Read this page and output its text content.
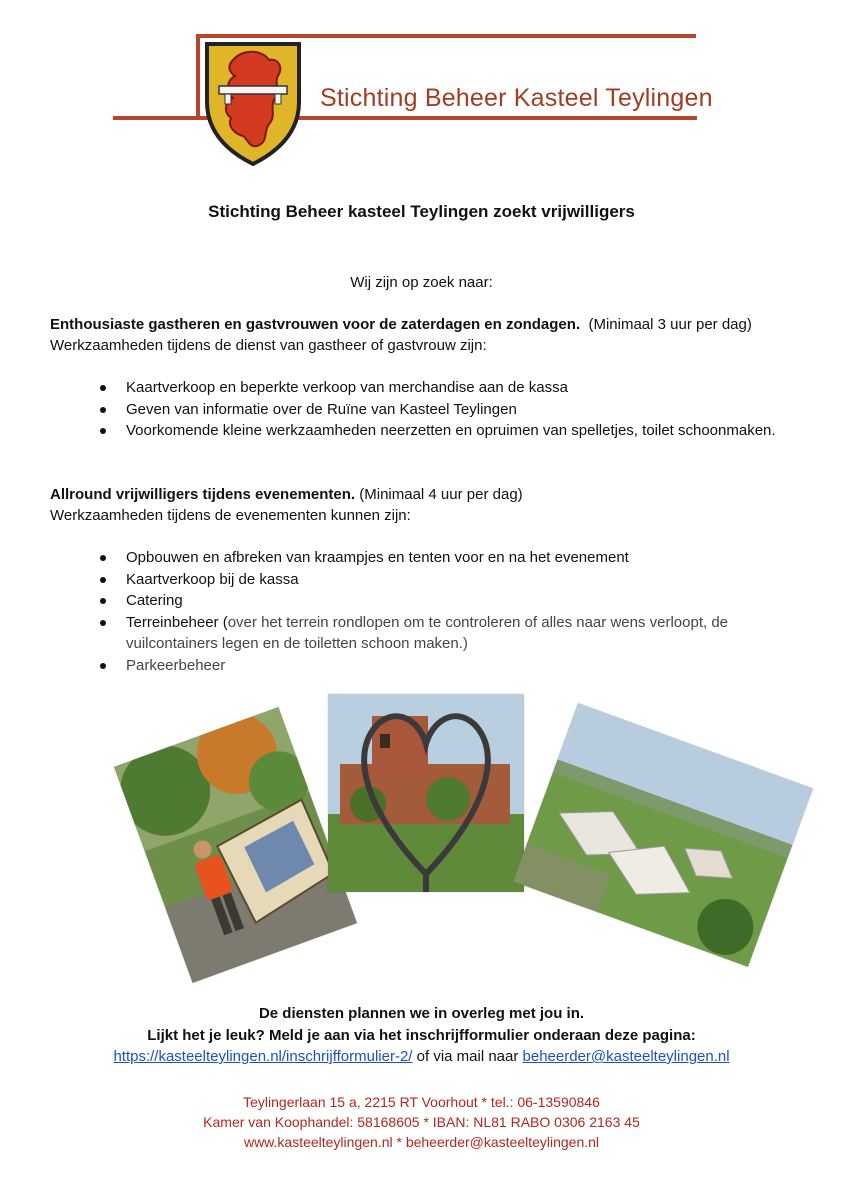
Stichting Beheer Kasteel Teylingen
Stichting Beheer kasteel Teylingen zoekt vrijwilligers
Wij zijn op zoek naar:
Enthousiaste gastheren en gastvrouwen voor de zaterdagen en zondagen. (Minimaal 3 uur per dag)
Werkzaamheden tijdens de dienst van gastheer of gastvrouw zijn:
Kaartverkoop en beperkte verkoop van merchandise aan de kassa
Geven van informatie over de Ruïne van Kasteel Teylingen
Voorkomende kleine werkzaamheden neerzetten en opruimen van spelletjes, toilet schoonmaken.
Allround vrijwilligers tijdens evenementen. (Minimaal 4 uur per dag)
Werkzaamheden tijdens de evenementen kunnen zijn:
Opbouwen en afbreken van kraampjes en tenten voor en na het evenement
Kaartverkoop bij de kassa
Catering
Terreinbeheer (over het terrein rondlopen om te controleren of alles naar wens verloopt, de vuilcontainers legen en de toiletten schoon maken.)
Parkeerbeheer
De diensten plannen we in overleg met jou in.
Lijkt het je leuk? Meld je aan via het inschrijfformulier onderaan deze pagina:
https://kasteelteylingen.nl/inschrijfformulier-2/ of via mail naar beheerder@kasteelteylingen.nl
Teylingerlaan 15 a, 2215 RT Voorhout * tel.: 06-13590846
Kamer van Koophandel: 58168605 * IBAN: NL81 RABO 0306 2163 45
www.kasteelteylingen.nl * beheerder@kasteelteylingen.nl
